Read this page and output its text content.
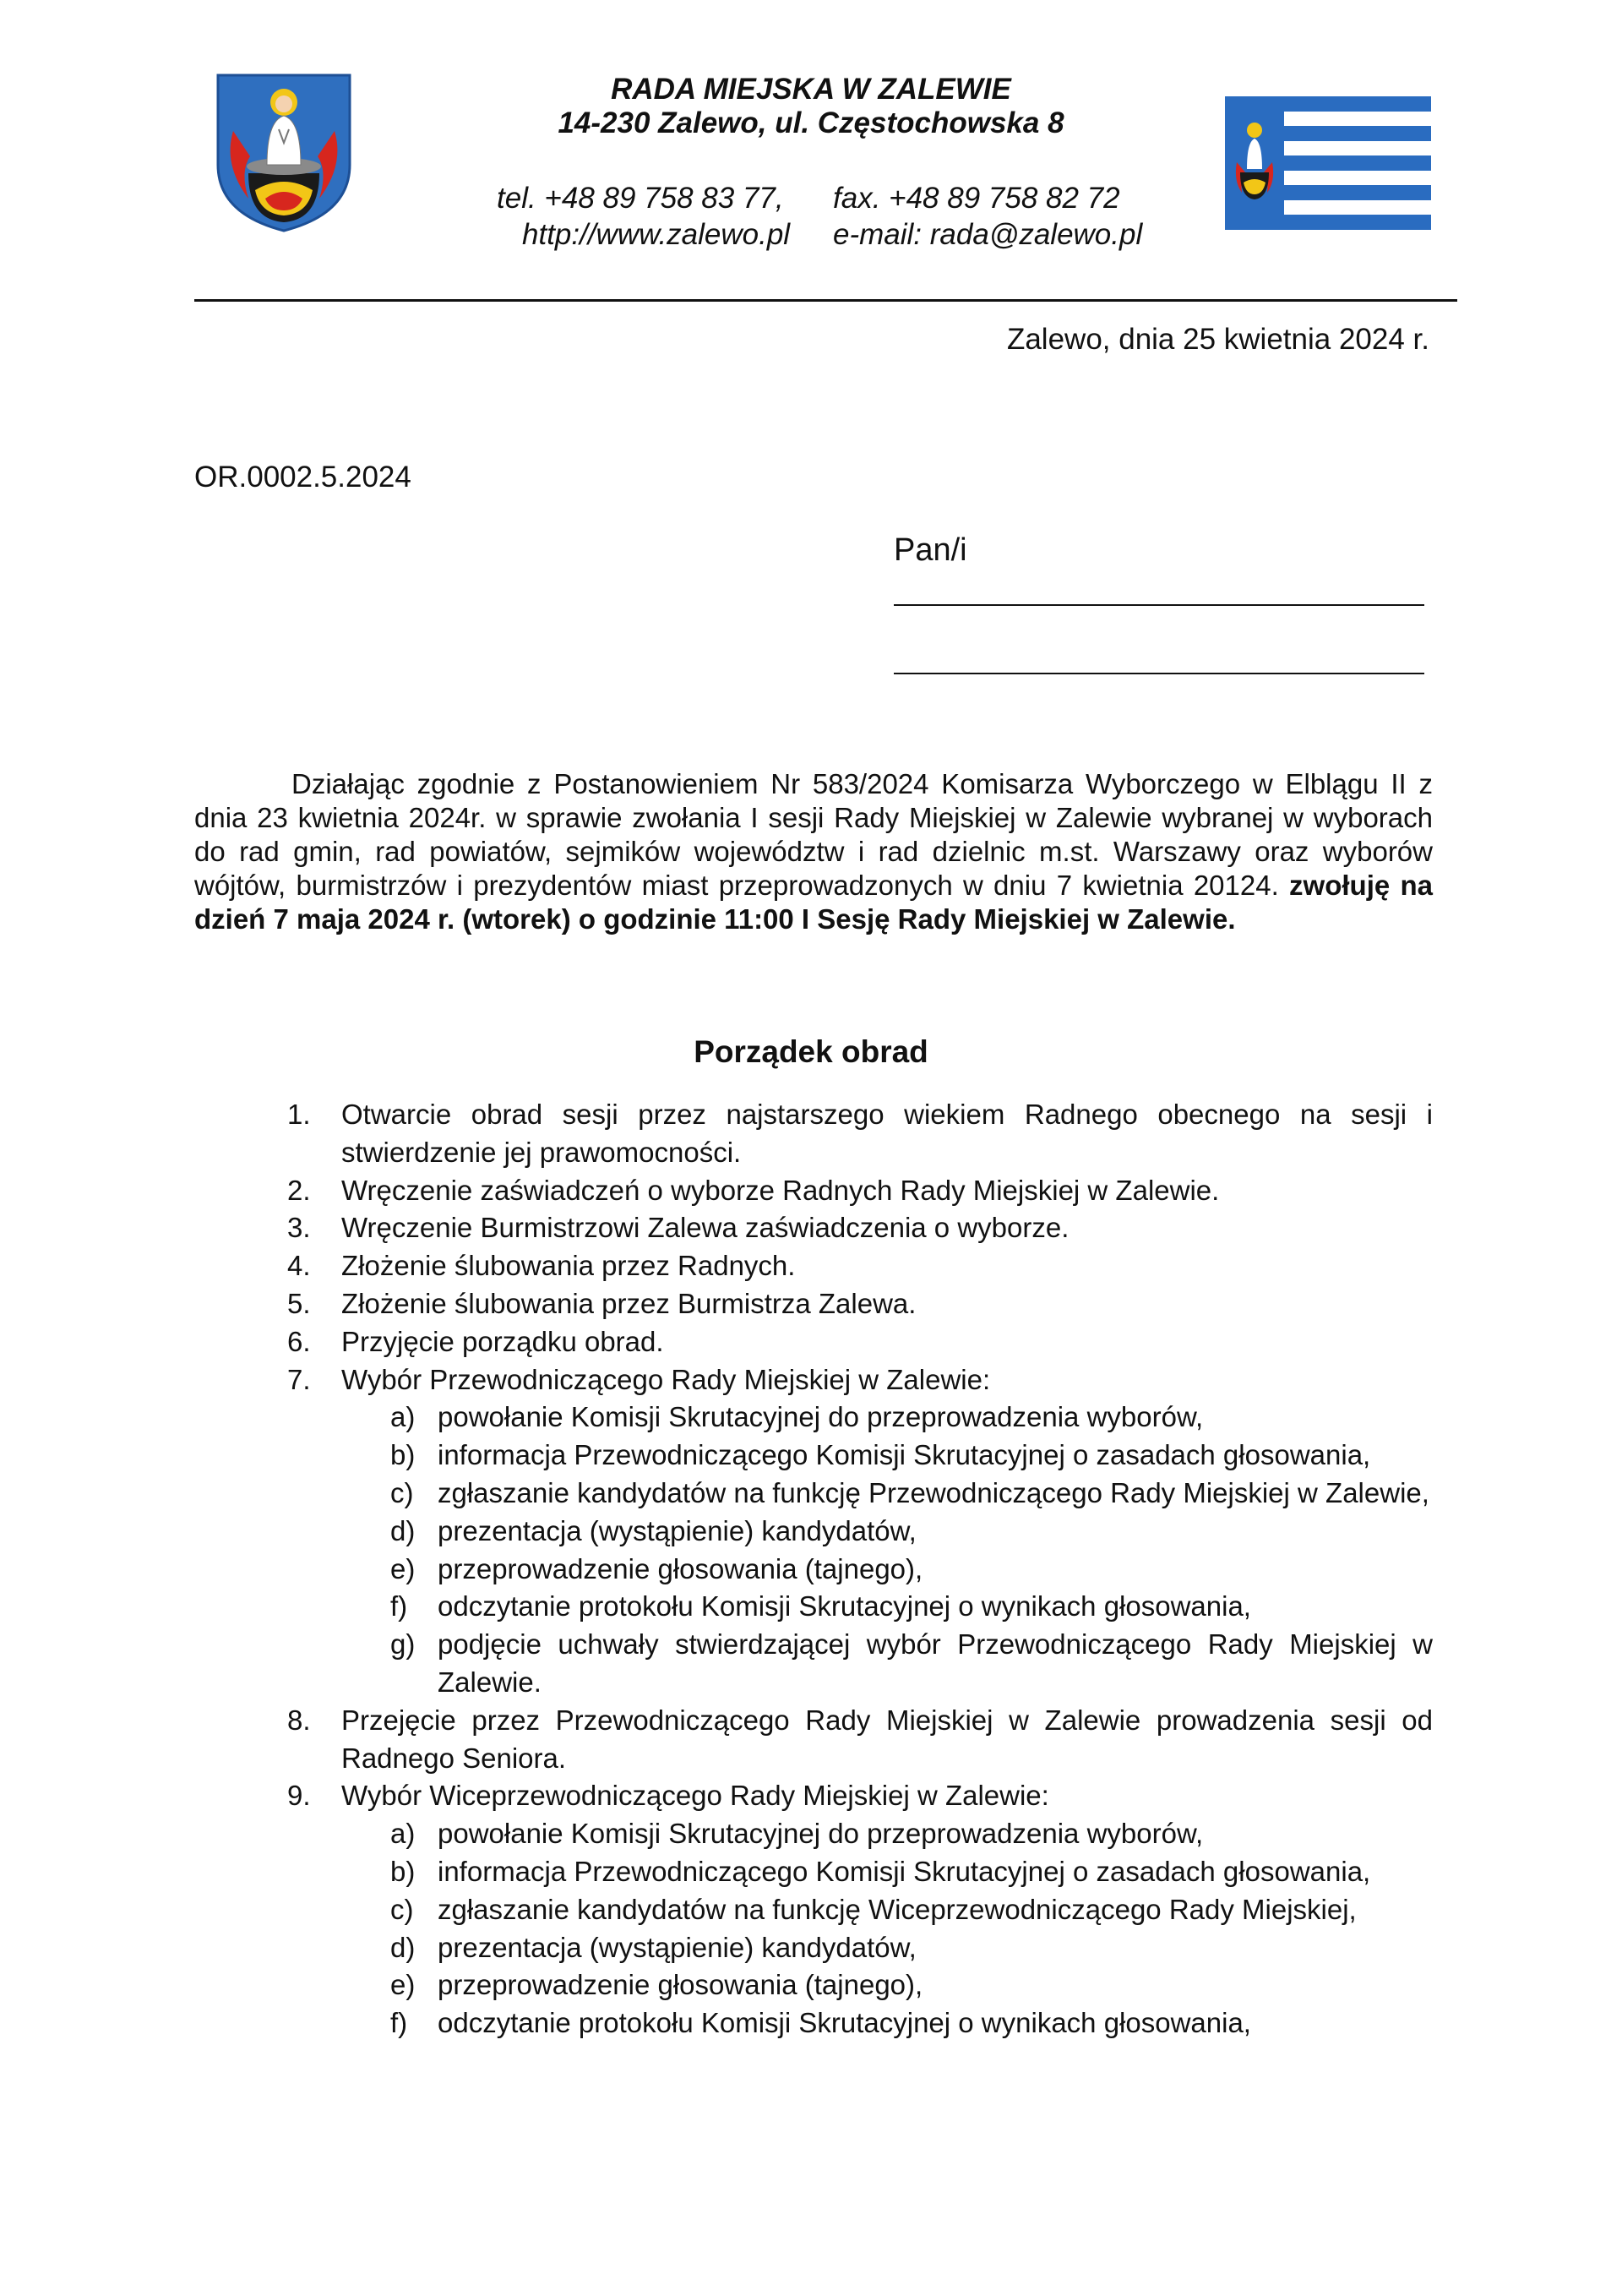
RADA MIEJSKA W ZALEWIE
14-230 Zalewo, ul. Częstochowska 8
tel. +48 89 758 83 77, fax. +48 89 758 82 72
http://www.zalewo.pl e-mail: rada@zalewo.pl
Zalewo, dnia 25 kwietnia 2024 r.
OR.0002.5.2024
Pan/i

Działając zgodnie z Postanowieniem Nr 583/2024 Komisarza Wyborczego w Elblągu II z dnia 23 kwietnia 2024r. w sprawie zwołania I sesji Rady Miejskiej w Zalewie wybranej w wyborach do rad gmin, rad powiatów, sejmików województw i rad dzielnic m.st. Warszawy oraz wyborów wójtów, burmistrzów i prezydentów miast przeprowadzonych w dniu 7 kwietnia 20124. zwołuję na dzień 7 maja 2024 r. (wtorek) o godzinie 11:00 I Sesję Rady Miejskiej w Zalewie.

Porządek obrad
1. Otwarcie obrad sesji przez najstarszego wiekiem Radnego obecnego na sesji i stwierdzenie jej prawomocności.
2. Wręczenie zaświadczeń o wyborze Radnych Rady Miejskiej w Zalewie.
3. Wręczenie Burmistrzowi Zalewa zaświadczenia o wyborze.
4. Złożenie ślubowania przez Radnych.
5. Złożenie ślubowania przez Burmistrza Zalewa.
6. Przyjęcie porządku obrad.
7. Wybór Przewodniczącego Rady Miejskiej w Zalewie:
a) powołanie Komisji Skrutacyjnej do przeprowadzenia wyborów,
b) informacja Przewodniczącego Komisji Skrutacyjnej o zasadach głosowania,
c) zgłaszanie kandydatów na funkcję Przewodniczącego Rady Miejskiej w Zalewie,
d) prezentacja (wystąpienie) kandydatów,
e) przeprowadzenie głosowania (tajnego),
f) odczytanie protokołu Komisji Skrutacyjnej o wynikach głosowania,
g) podjęcie uchwały stwierdzającej wybór Przewodniczącego Rady Miejskiej w Zalewie.
8. Przejęcie przez Przewodniczącego Rady Miejskiej w Zalewie prowadzenia sesji od Radnego Seniora.
9. Wybór Wiceprzewodniczącego Rady Miejskiej w Zalewie:
a) powołanie Komisji Skrutacyjnej do przeprowadzenia wyborów,
b) informacja Przewodniczącego Komisji Skrutacyjnej o zasadach głosowania,
c) zgłaszanie kandydatów na funkcję Wiceprzewodniczącego Rady Miejskiej,
d) prezentacja (wystąpienie) kandydatów,
e) przeprowadzenie głosowania (tajnego),
f) odczytanie protokołu Komisji Skrutacyjnej o wynikach głosowania,
